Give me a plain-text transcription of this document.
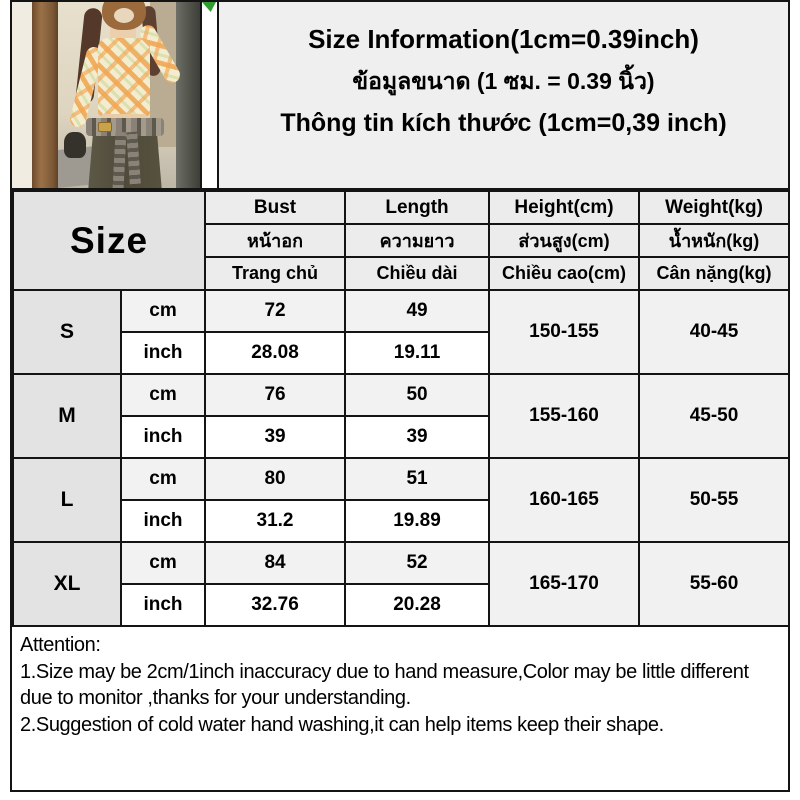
Size Information(1cm=0.39inch)
ข้อมูลขนาด (1 ซม. = 0.39 นิ้ว)
Thông tin kích thước (1cm=0,39 inch)
Size		Bust	Length	Height(cm)	Weight(kg)
		หน้าอก	ความยาว	ส่วนสูง(cm)	น้ำหนัก(kg)
		Trang chủ	Chiều dài	Chiều cao(cm)	Cân nặng(kg)
S	cm	72	49	150-155	40-45
	inch	28.08	19.11		
M	cm	76	50	155-160	45-50
	inch	39	39		
L	cm	80	51	160-165	50-55
	inch	31.2	19.89		
XL	cm	84	52	165-170	55-60
	inch	32.76	20.28		
Attention:
1.Size may be 2cm/1inch inaccuracy due to hand measure,Color may be little different due to monitor ,thanks for your understanding.
2.Suggestion of cold water hand washing,it can help items keep their shape.
